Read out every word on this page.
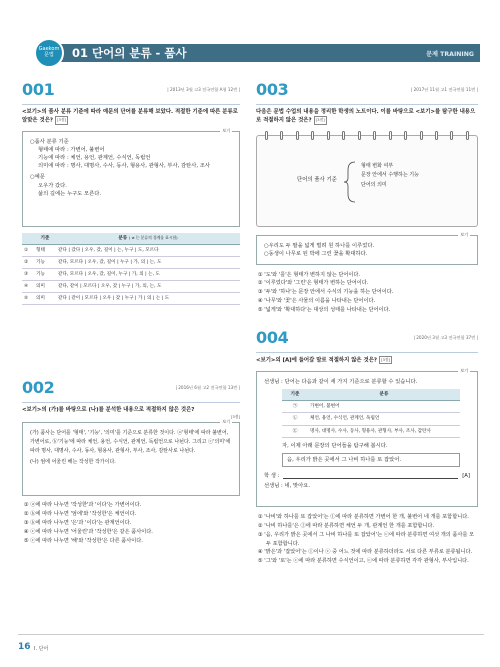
Gaekom 문법	01 단어의 분류 - 품사	문제 TRAINING
001	| 2013년 3월 고3 전국연합 A형 12번 |
<보기>의 품사 분류 기준에 따라 예문의 단어를 분류해 보았다. 적절한 기준에 따른 분류로 알맞은 것은? [3점]
보기
○품사 분류 기준
형태에 따라 : 가변어, 불변어
기능에 따라 : 체언, 용언, 관계언, 수식언, 독립언
의미에 따라 : 명사, 대명사, 수사, 동사, 형용사, 관형사, 부사, 감탄사, 조사
○예문
오우가 갔다.
삶의 길에는 누구도 모른다.
	기준	분류 ( ≠ 는 분류의 경계를 표시함)
①	형태	같다 | 갔다 | 오우, 갔, 길이 | 는, 누구 | 도, 모르다
②	기능	같다, 모르다 | 오우, 갔, 길이 | 누구 | 가, 의 | 는, 도
③	기능	같다, 모르다 | 오우, 갔, 길이, 누구 | 가, 의 | 는, 도
④	의미	같다, 같이 | 모르다 | 오우, 갔 | 누구 | 가, 의, 는, 도
⑤	의미	같다 | 같이 | 모르다 | 오우 | 갔 | 누구 | 가 | 의 | 는 | 도
002	| 2016년 6월 고2 전국연합 13번 |
<보기>의 (가)를 바탕으로 (나)를 분석한 내용으로 적절하지 않은 것은?
[3점]
보기
(가) 품사는 단어를 '형태', '기능', '의미'를 기준으로 분류한 것이다. ⓐ'형태'에 따라 불변어, 가변어로, ⓑ'기능'에 따라 체언, 용언, 수식언, 관계언, 독립언으로 나뉜다. 그리고 ⓒ'의미'에 따라 명사, 대명사, 수사, 동사, 형용사, 관형사, 부사, 조사, 감탄사로 나뉜다.
(나) 엄에 어울린 해는 작성한 작가이다.
① ⓐ에 따라 나누면 '작성한'과 '이다'는 가변어이다.
② ⓑ에 따라 나누면 '엄에'와 '작성한'은 체언이다.
③ ⓑ에 따라 나누면 '은'과 '이다'는 관계언이다.
④ ⓒ에 따라 나누면 '어울린'과 '작성한'은 같은 품사이다.
⑤ ⓒ에 따라 나누면 '해'와 '작성한'은 다른 품사이다.
003	| 2017년 11월 고1 전국연합 11번 |
다음은 문법 수업의 내용을 정리한 학생의 노트이다. 이를 바탕으로 <보기>를 탐구한 내용으로 적절하지 않은 것은? [3점]
단어의 품사 기준
형태 변화 여부
문장 안에서 수행하는 기능
단어의 의미
보기
○우리도 두 팔을 넓게 벌려 원 하나를 이루었다.
○동생이 나무로 된 박에 그린 꽃을 확대하다.
① '도'와 '를'은 형태가 변하지 않는 단어이다.
② '이루었다'와 '그린'은 형태가 변하는 단어이다.
③ '두'와 '하나'는 문장 안에서 수식의 기능을 하는 단어이다.
④ '나무'와 '꽃'은 사물의 이름을 나타내는 단어이다.
⑤ '넓게'와 '확대하다'는 대상의 성태를 나타내는 단어이다.
004	| 2020년 3월 고3 전국연합 37번 |
<보기>의 [A]에 들어갈 말로 적절하지 않은 것은? [3점]
보기
선생님 : 단어는 다음과 같이 세 가지 기준으로 분류할 수 있습니다.
기준	분류
㉠	가변어, 불변어
㉡	체언, 용언, 수식언, 관계언, 독립언
㉢	명사, 대명사, 수사, 동사, 형용사, 관형사, 부사, 조사, 감탄사
자, 이제 아래 문장의 단어들을 탐구해 봅시다.
음, 우리가 밝은 곳에서 그 나비 하나를 또 잡았어.
학 생 :	[A]
선생님 : 네, 맞아요.
① '나비'와 하나를 또 잡았어'는 ⓛ에 따라 분류하면 가변어 한 개, 불변어 네 개를 포함합니다.
② '나비 하나를'은 ⓛ에 따라 분류하면 체언 두 개, 관계언 한 개를 포함합니다.
③ '음, 우리가 밝은 곳에서 그 나비 하나를 또 잡았어'는 ⓒ에 따라 분류하면 여섯 개의 품사를 모두 포함합니다.
④ '밝은'과 '잡았어'는 ⓛ이나 ⓒ 중 어느 것에 따라 분류하더라도 서로 다른 부류로 분류됩니다.
⑤ '그'와 '또'는 ⓒ에 따라 분류하면 수식언이고, ⓒ에 따라 분류하면 각각 관형사, 부사입니다.
16 I. 단어
